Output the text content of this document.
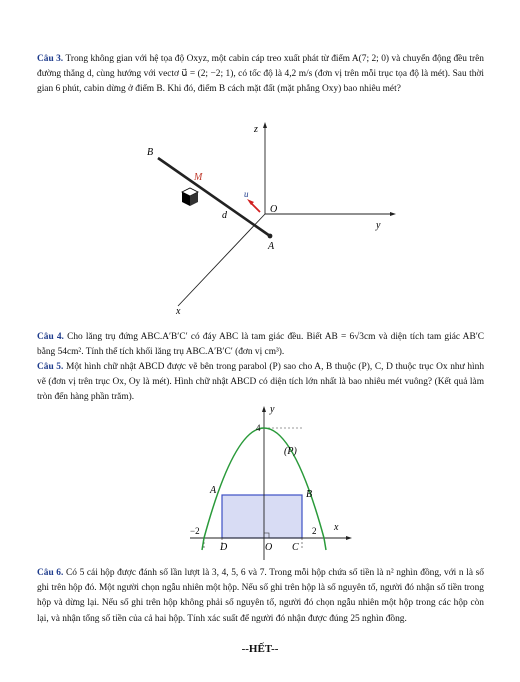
Câu 3. Trong không gian với hệ tọa độ Oxyz, một cabin cáp treo xuất phát từ điểm A(7; 2; 0) và chuyển động đều trên đường thẳng d, cùng hướng với vectơ u⃗ = (2; −2; 1), có tốc độ là 4,2 m/s (đơn vị trên mỗi trục tọa độ là mét). Sau thời gian 6 phút, cabin dừng ở điểm B. Khi đó, điểm B cách mặt đất (mặt phẳng Oxy) bao nhiêu mét?
B
M
u⃗
O
d
A
y
z
x
Câu 4. Cho lăng trụ đứng ABC.A′B′C′ có đáy ABC là tam giác đều. Biết AB = 6√3cm và diện tích tam giác AB′C bằng 54cm². Tính thể tích khối lăng trụ ABC.A′B′C′ (đơn vị cm³).
Câu 5. Một hình chữ nhật ABCD được vẽ bên trong parabol (P) sao cho A, B thuộc (P), C, D thuộc trục Ox như hình vẽ (đơn vị trên trục Ox, Oy là mét). Hình chữ nhật ABCD có diện tích lớn nhất là bao nhiêu mét vuông? (Kết quả làm tròn đến hàng phần trăm).
y
4
(P)
A	B
−2	2 x
D	O C
Câu 6. Có 5 cái hộp được đánh số lần lượt là 3, 4, 5, 6 và 7. Trong mỗi hộp chứa số tiền là n² nghìn đồng, với n là số ghi trên hộp đó. Một người chọn ngẫu nhiên một hộp. Nếu số ghi trên hộp là số nguyên tố, người đó nhận số tiền trong hộp và dừng lại. Nếu số ghi trên hộp không phải số nguyên tố, người đó chọn ngẫu nhiên một hộp trong các hộp còn lại, và nhận tổng số tiền của cả hai hộp. Tính xác suất để người đó nhận được đúng 25 nghìn đồng.
--HẾT--
